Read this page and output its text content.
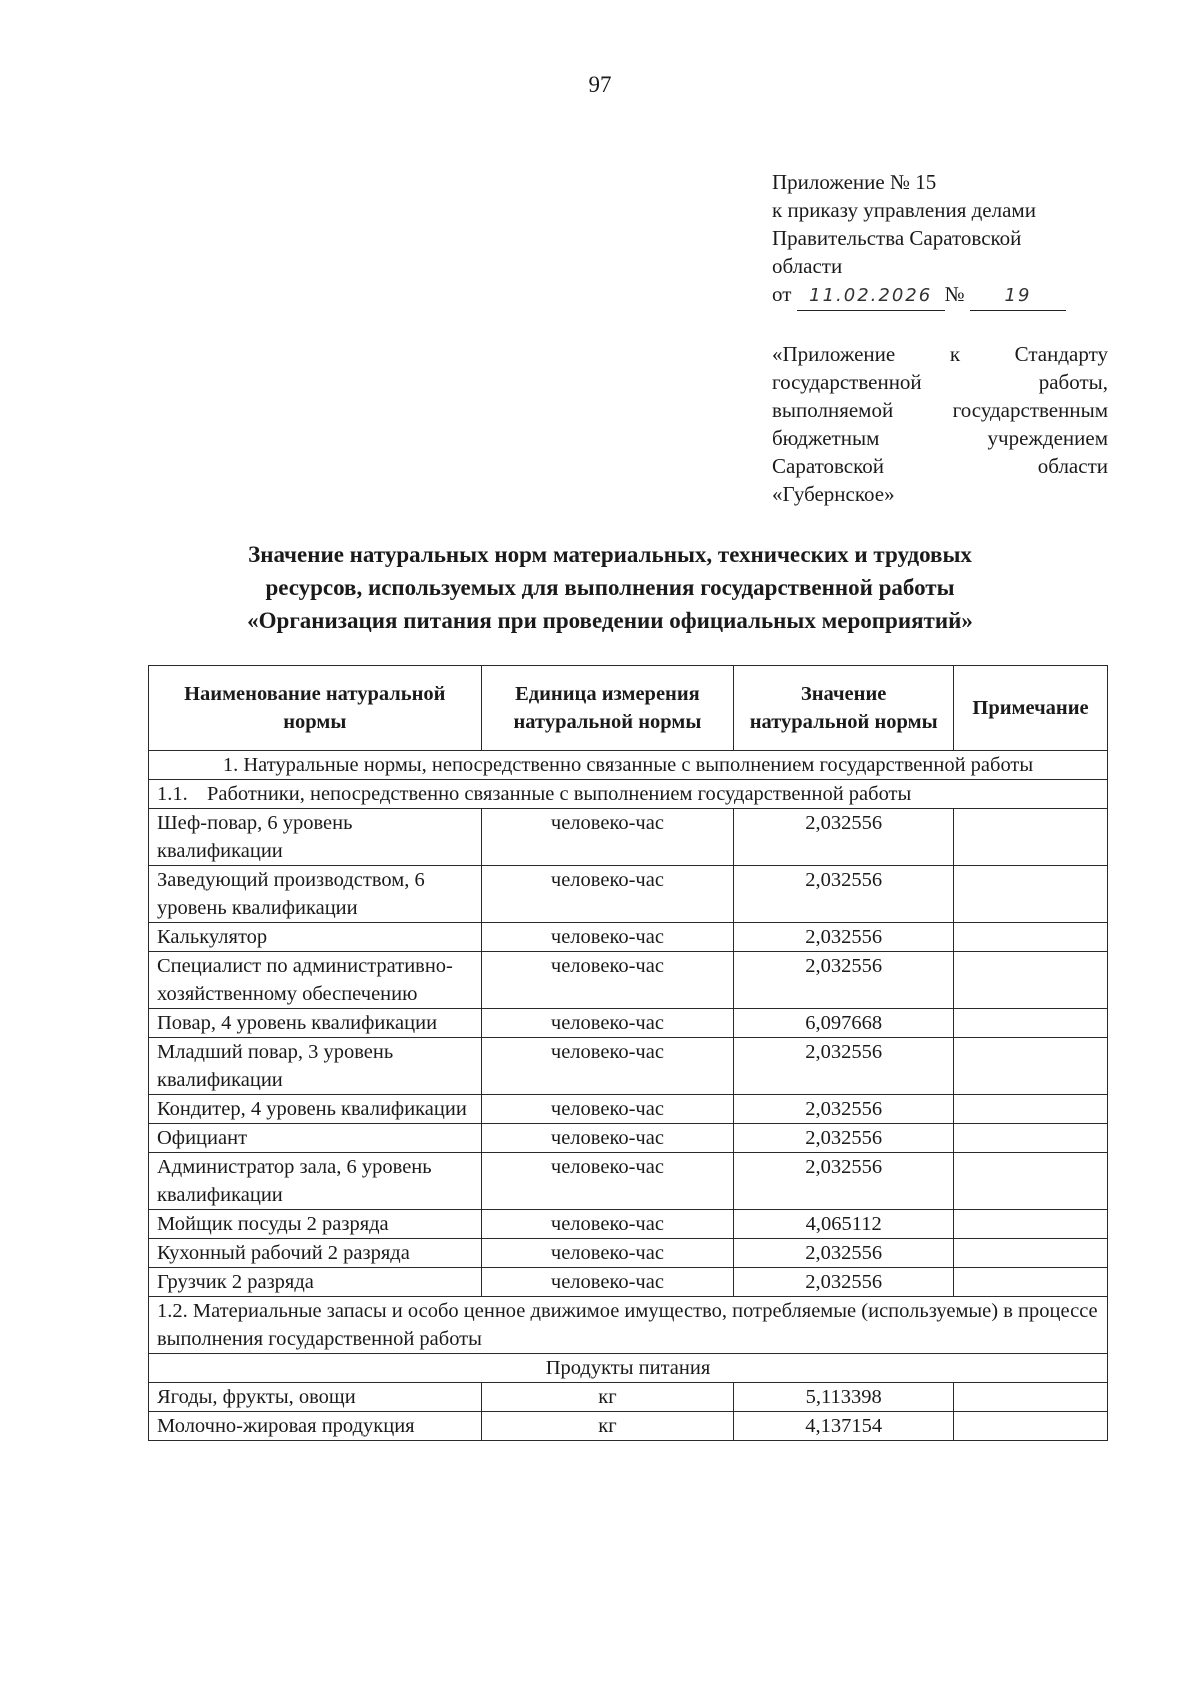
97
Приложение № 15
к приказу управления делами
Правительства Саратовской
области
от 11.02.2026 № 19
«Приложение к Стандарту государственной работы, выполняемой государственным бюджетным учреждением Саратовской области
«Губернское»
Значение натуральных норм материальных, технических и трудовых
ресурсов, используемых для выполнения государственной работы
«Организация питания при проведении официальных мероприятий»
Наименование натуральной нормы	Единица измерения натуральной нормы	Значение натуральной нормы	Примечание
1. Натуральные нормы, непосредственно связанные с выполнением государственной работы			
1.1. Работники, непосредственно связанные с выполнением государственной работы			
Шеф-повар, 6 уровень квалификации	человеко-час	2,032556	
Заведующий производством, 6 уровень квалификации	человеко-час	2,032556	
Калькулятор	человеко-час	2,032556	
Специалист по административно-хозяйственному обеспечению	человеко-час	2,032556	
Повар, 4 уровень квалификации	человеко-час	6,097668	
Младший повар, 3 уровень квалификации	человеко-час	2,032556	
Кондитер, 4 уровень квалификации	человеко-час	2,032556	
Официант	человеко-час	2,032556	
Администратор зала, 6 уровень квалификации	человеко-час	2,032556	
Мойщик посуды 2 разряда	человеко-час	4,065112	
Кухонный рабочий 2 разряда	человеко-час	2,032556	
Грузчик 2 разряда	человеко-час	2,032556	
1.2. Материальные запасы и особо ценное движимое имущество, потребляемые (используемые) в процессе выполнения государственной работы			
Продукты питания			
Ягоды, фрукты, овощи	кг	5,113398	
Молочно-жировая продукция	кг	4,137154	
